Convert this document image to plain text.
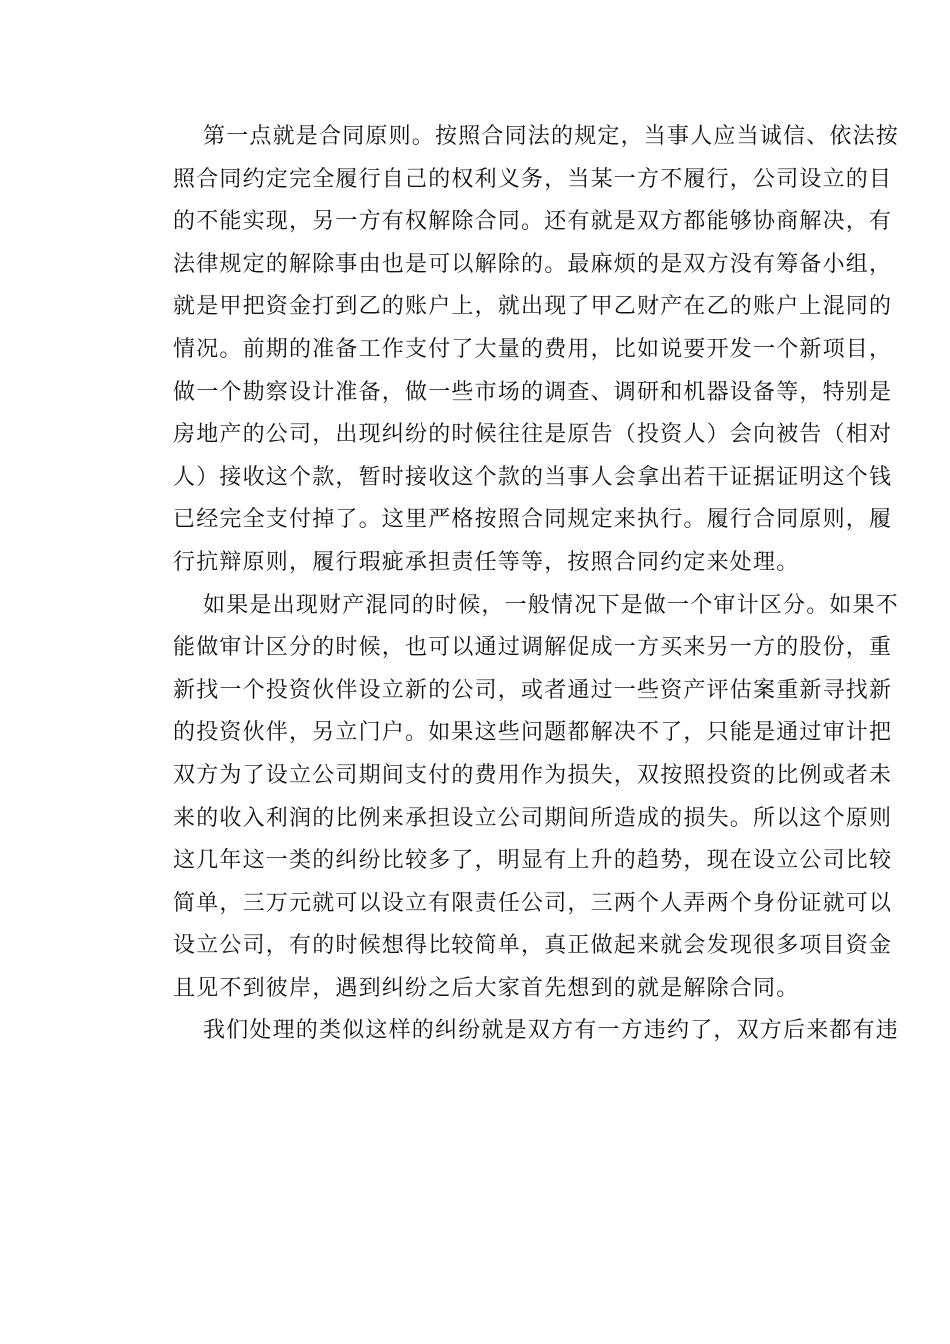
第一点就是合同原则。按照合同法的规定，当事人应当诚信、依法按
照合同约定完全履行自己的权利义务，当某一方不履行，公司设立的目
的不能实现，另一方有权解除合同。还有就是双方都能够协商解决，有
法律规定的解除事由也是可以解除的。最麻烦的是双方没有筹备小组，
就是甲把资金打到乙的账户上，就出现了甲乙财产在乙的账户上混同的
情况。前期的准备工作支付了大量的费用，比如说要开发一个新项目，
做一个勘察设计准备，做一些市场的调查、调研和机器设备等，特别是
房地产的公司，出现纠纷的时候往往是原告（投资人）会向被告（相对
人）接收这个款，暂时接收这个款的当事人会拿出若干证据证明这个钱
已经完全支付掉了。这里严格按照合同规定来执行。履行合同原则，履
行抗辩原则，履行瑕疵承担责任等等，按照合同约定来处理。
如果是出现财产混同的时候，一般情况下是做一个审计区分。如果不
能做审计区分的时候，也可以通过调解促成一方买来另一方的股份，重
新找一个投资伙伴设立新的公司，或者通过一些资产评估案重新寻找新
的投资伙伴，另立门户。如果这些问题都解决不了，只能是通过审计把
双方为了设立公司期间支付的费用作为损失，双按照投资的比例或者未
来的收入利润的比例来承担设立公司期间所造成的损失。所以这个原则
这几年这一类的纠纷比较多了，明显有上升的趋势，现在设立公司比较
简单，三万元就可以设立有限责任公司，三两个人弄两个身份证就可以
设立公司，有的时候想得比较简单，真正做起来就会发现很多项目资金
且见不到彼岸，遇到纠纷之后大家首先想到的就是解除合同。
我们处理的类似这样的纠纷就是双方有一方违约了，双方后来都有违
